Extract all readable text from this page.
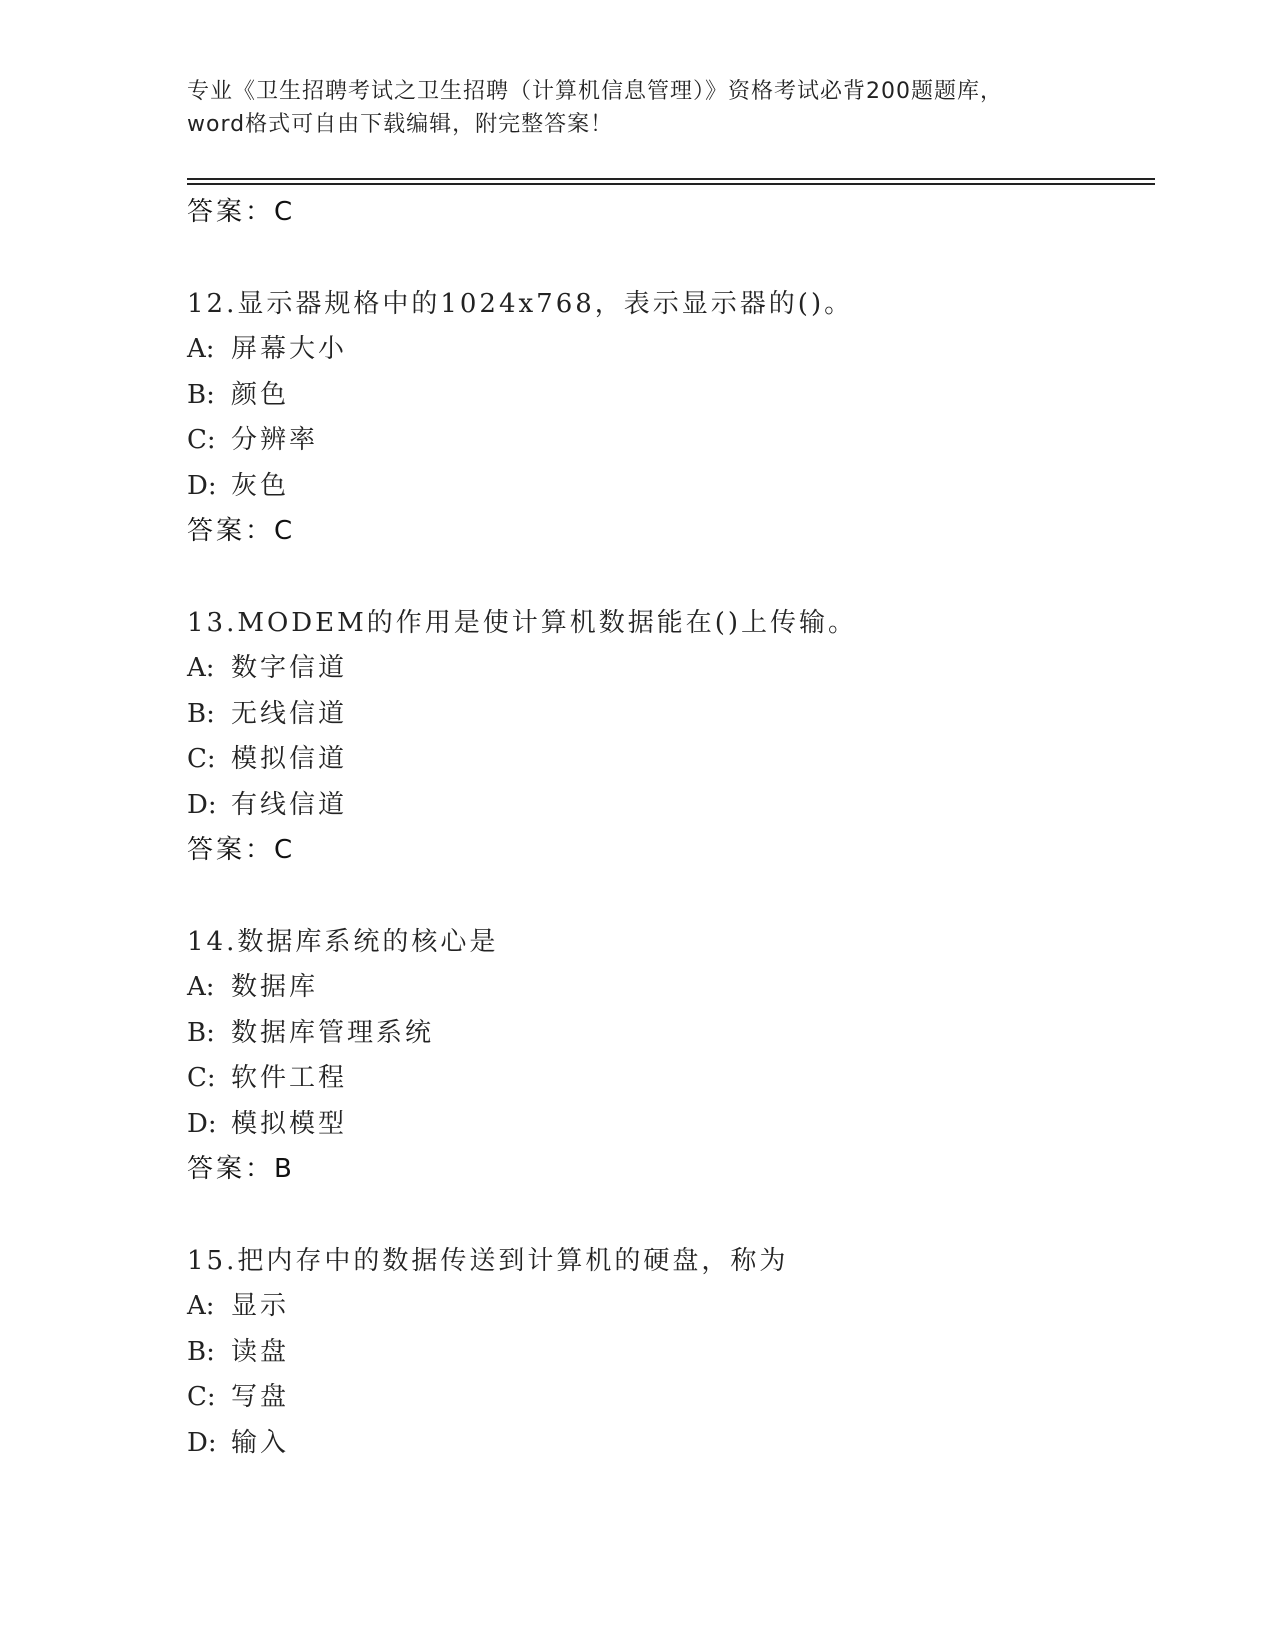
专业《卫生招聘考试之卫生招聘（计算机信息管理）》资格考试必背200题题库，
word格式可自由下载编辑，附完整答案！
答案：C
12.显示器规格中的1024x768，表示显示器的()。
A: 屏幕大小
B: 颜色
C: 分辨率
D: 灰色
答案：C
13.MODEM的作用是使计算机数据能在()上传输。
A: 数字信道
B: 无线信道
C: 模拟信道
D: 有线信道
答案：C
14.数据库系统的核心是
A: 数据库
B: 数据库管理系统
C: 软件工程
D: 模拟模型
答案：B
15.把内存中的数据传送到计算机的硬盘，称为
A: 显示
B: 读盘
C: 写盘
D: 输入
